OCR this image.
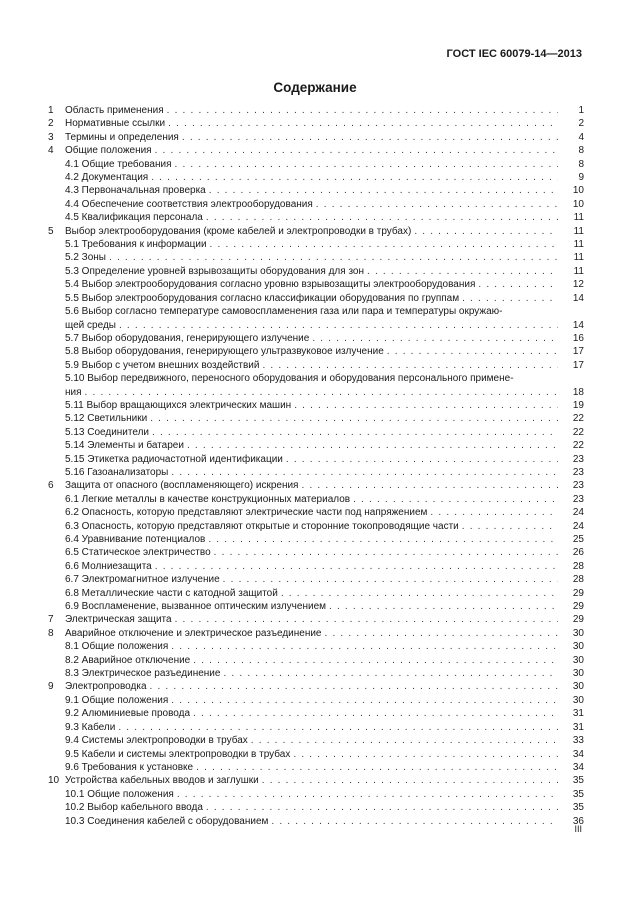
ГОСТ IEC 60079-14—2013
Содержание
1	Область применения . . .	1
2	Нормативные ссылки . . .	2
3	Термины и определения . . .	4
4	Общие положения . . .	8
4.1 Общие требования . . .	8
4.2 Документация . . .	9
4.3 Первоначальная проверка . . .	10
4.4 Обеспечение соответствия электрооборудования . . .	10
4.5 Квалификация персонала . . .	11
5	Выбор электрооборудования (кроме кабелей и электропроводки в трубах) . . .	11
5.1 Требования к информации . . .	11
5.2 Зоны . . .	11
5.3 Определение уровней взрывозащиты оборудования для зон . . .	11
5.4 Выбор электрооборудования согласно уровню взрывозащиты электрооборудования . . .	12
5.5 Выбор электрооборудования согласно классификации оборудования по группам . . .	14
5.6 Выбор согласно температуре самовоспламенения газа или пара и температуры окружаю-
щей среды . . .	14
5.7 Выбор оборудования, генерирующего излучение . . .	16
5.8 Выбор оборудования, генерирующего ультразвуковое излучение . . .	17
5.9 Выбор с учетом внешних воздействий . . .	17
5.10 Выбор передвижного, переносного оборудования и оборудования персонального примене-
ния . . .	18
5.11 Выбор вращающихся электрических машин . . .	19
5.12 Светильники . . .	22
5.13 Соединители . . .	22
5.14 Элементы и батареи . . .	22
5.15 Этикетка радиочастотной идентификации . . .	23
5.16 Газоанализаторы . . .	23
6	Защита от опасного (воспламеняющего) искрения . . .	23
6.1 Легкие металлы в качестве конструкционных материалов . . .	23
6.2 Опасность, которую представляют электрические части под напряжением . . .	24
6.3 Опасность, которую представляют открытые и сторонние токопроводящие части . . .	24
6.4 Уравнивание потенциалов . . .	25
6.5 Статическое электричество . . .	26
6.6 Молниезащита . . .	28
6.7 Электромагнитное излучение . . .	28
6.8 Металлические части с катодной защитой . . .	29
6.9 Воспламенение, вызванное оптическим излучением . . .	29
7	Электрическая защита . . .	29
8	Аварийное отключение и электрическое разъединение . . .	30
8.1 Общие положения . . .	30
8.2 Аварийное отключение . . .	30
8.3 Электрическое разъединение . . .	30
9	Электропроводка . . .	30
9.1 Общие положения . . .	30
9.2 Алюминиевые провода . . .	31
9.3 Кабели . . .	31
9.4 Системы электропроводки в трубах . . .	33
9.5 Кабели и системы электропроводки в трубах . . .	34
9.6 Требования к установке . . .	34
10 Устройства кабельных вводов и заглушки . . .	35
10.1 Общие положения . . .	35
10.2 Выбор кабельного ввода . . .	35
10.3 Соединения кабелей с оборудованием . . .	36
III
